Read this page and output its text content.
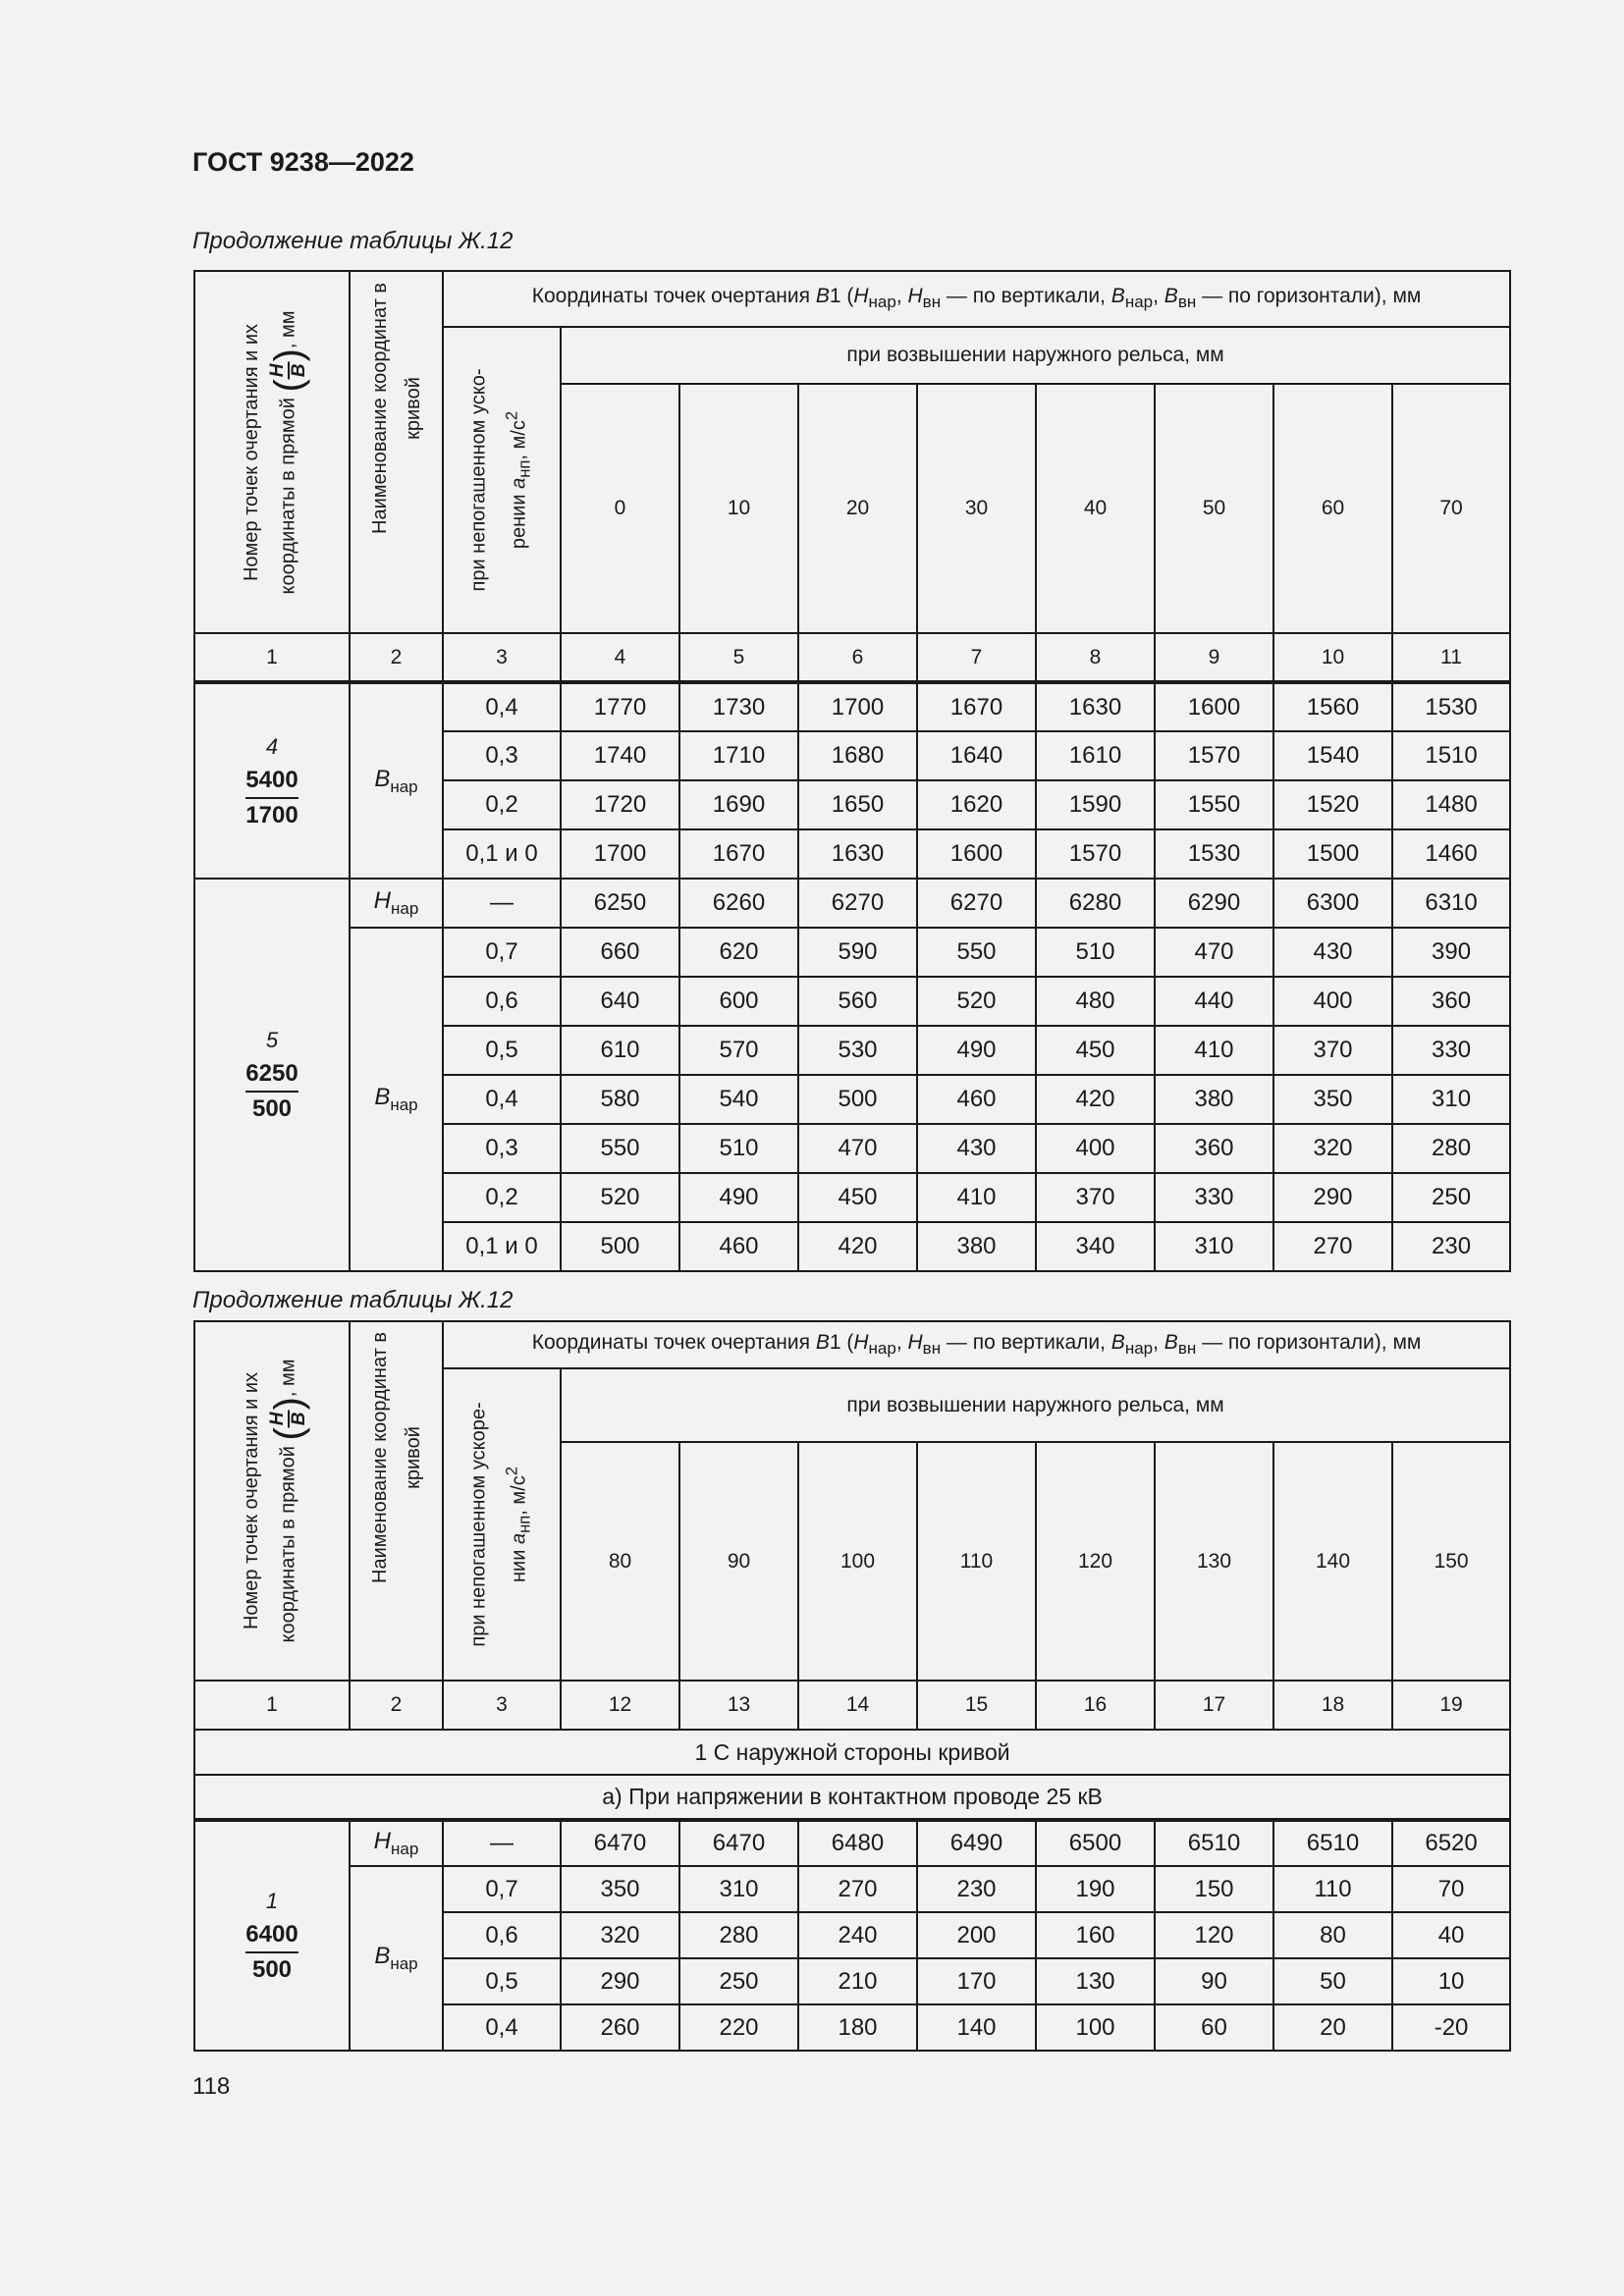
ГОСТ 9238—2022
Продолжение таблицы Ж.12
Номер точек очертания и их координаты в прямой (
H B
), мм	Наименование координат в кривой	Координаты точек очертания В1 ($H_{нар}$, $H_{вн}$ — по вертикали, $В_{нар}$, $В_{вн}$ — по горизонтали), мм								

		при непогашенном уско- рении $a_{нп}$, $м/с^2$	при возвышении наружного рельса, мм							
			0	10	20	30	40	50	60	70
1	2	3	4	5	6	7	8	9	10	11

4
$\frac{5400}{1700}$	$В_{нар}$	0,4	1770	1730	1700	1670	1630	1600	1560	1530
		0,3	1740	1710	1680	1640	1610	1570	1540	1510
		0,2	1720	1690	1650	1620	1590	1550	1520	1480
		0,1 и 0	1700	1670	1630	1600	1570	1530	1500	1460

5
$\frac{6250}{500}$	$H_{нар}$	—	6250	6260	6270	6270	6280	6290	6300	6310
	$В_{нар}$	0,7	660	620	590	550	510	470	430	390
		0,6	640	600	560	520	480	440	400	360
		0,5	610	570	530	490	450	410	370	330
		0,4	580	540	500	460	420	380	350	310
		0,3	550	510	470	430	400	360	320	280
		0,2	520	490	450	410	370	330	290	250
		0,1 и 0	500	460	420	380	340	310	270	230
Продолжение таблицы Ж.12
Номер точек очертания и их координаты в прямой (
H B
), мм	Наименование координат в кривой	Координаты точек очертания В1 ($H_{нар}$, $H_{вн}$ — по вертикали, $В_{нар}$, $В_{вн}$ — по горизонтали), мм								

		при непогашенном ускоре- нии $a_{нп}$, $м/с^2$	при возвышении наружного рельса, мм							
			80	90	100	110	120	130	140	150
1	2	3	12	13	14	15	16	17	18	19
1 С наружной стороны кривой										
а) При напряжении в контактном проводе 25 кВ										

1
$\frac{6400}{500}$	$H_{нар}$	—	6470	6470	6480	6490	6500	6510	6510	6520
	$В_{нар}$	0,7	350	310	270	230	190	150	110	70
		0,6	320	280	240	200	160	120	80	40
		0,5	290	250	210	170	130	90	50	10
		0,4	260	220	180	140	100	60	20	-20
118
